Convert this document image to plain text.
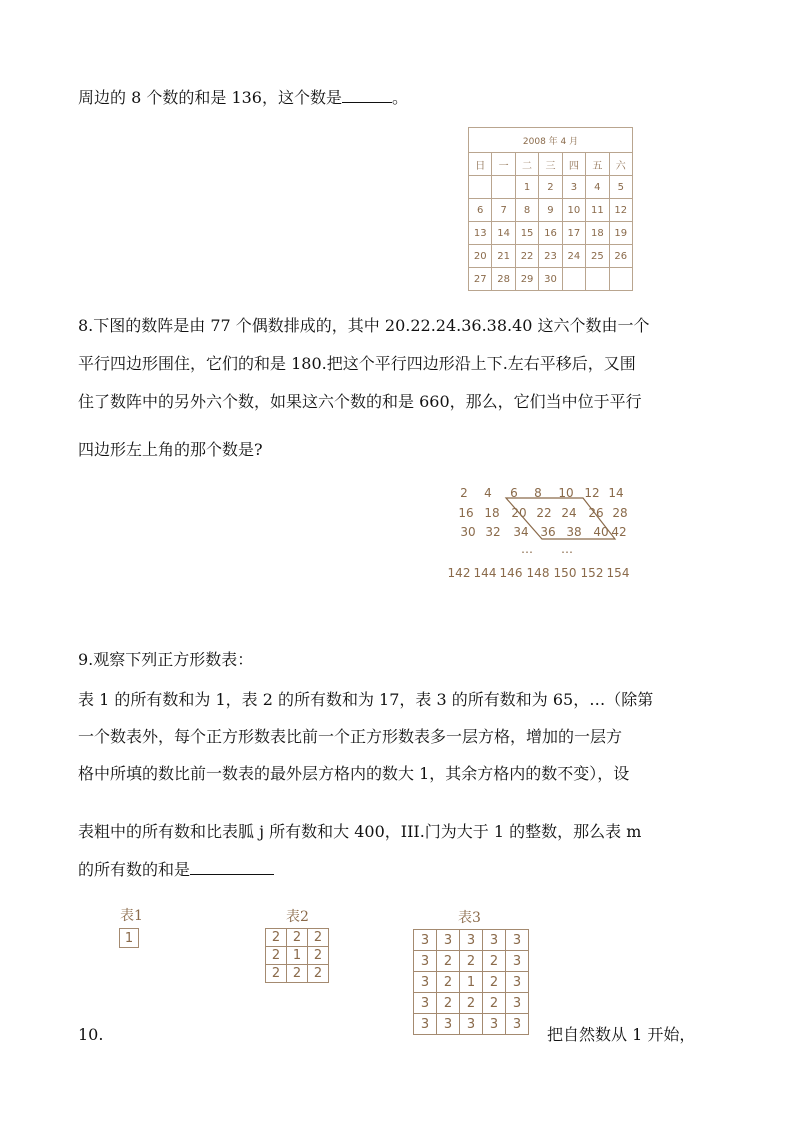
周边的 8 个数的和是 136，这个数是	。
2008 年 4 月						
日	一	二	三	四	五	六
		1	2	3	4	5
6	7	8	9	10	11	12
13	14	15	16	17	18	19
20	21	22	23	24	25	26
27	28	29	30			
8.下图的数阵是由 77 个偶数排成的，其中 20.22.24.36.38.40 这六个数由一个
平行四边形围住，它们的和是 180.把这个平行四边形沿上下.左右平移后，又围
住了数阵中的另外六个数，如果这六个数的和是 660，那么，它们当中位于平行
四边形左上角的那个数是?
2	4	6	8	10 12 14
16 18 20 22 24 26 28
30 32	34 36 38 40 42
…	…
142 144 146 148 150 152 154
9.观察下列正方形数表：
表 1 的所有数和为 1，表 2 的所有数和为 17，表 3 的所有数和为 65，…（除第
一个数表外，每个正方形数表比前一个正方形数表多一层方格，增加的一层方
格中所填的数比前一数表的最外层方格内的数大 1，其余方格内的数不变），设
表粗中的所有数和比表胍 j 所有数和大 400，III.门为大于 1 的整数，那么表 m
的所有数的和是
表1
1
表2
2	2	2
2	1	2
2	2	2
表3
3	3	3	3	3
3	2	2	2	3
3	2	1	2	3
3	2	2	2	3
3	3	3	3	3
10.	把自然数从 1 开始，
